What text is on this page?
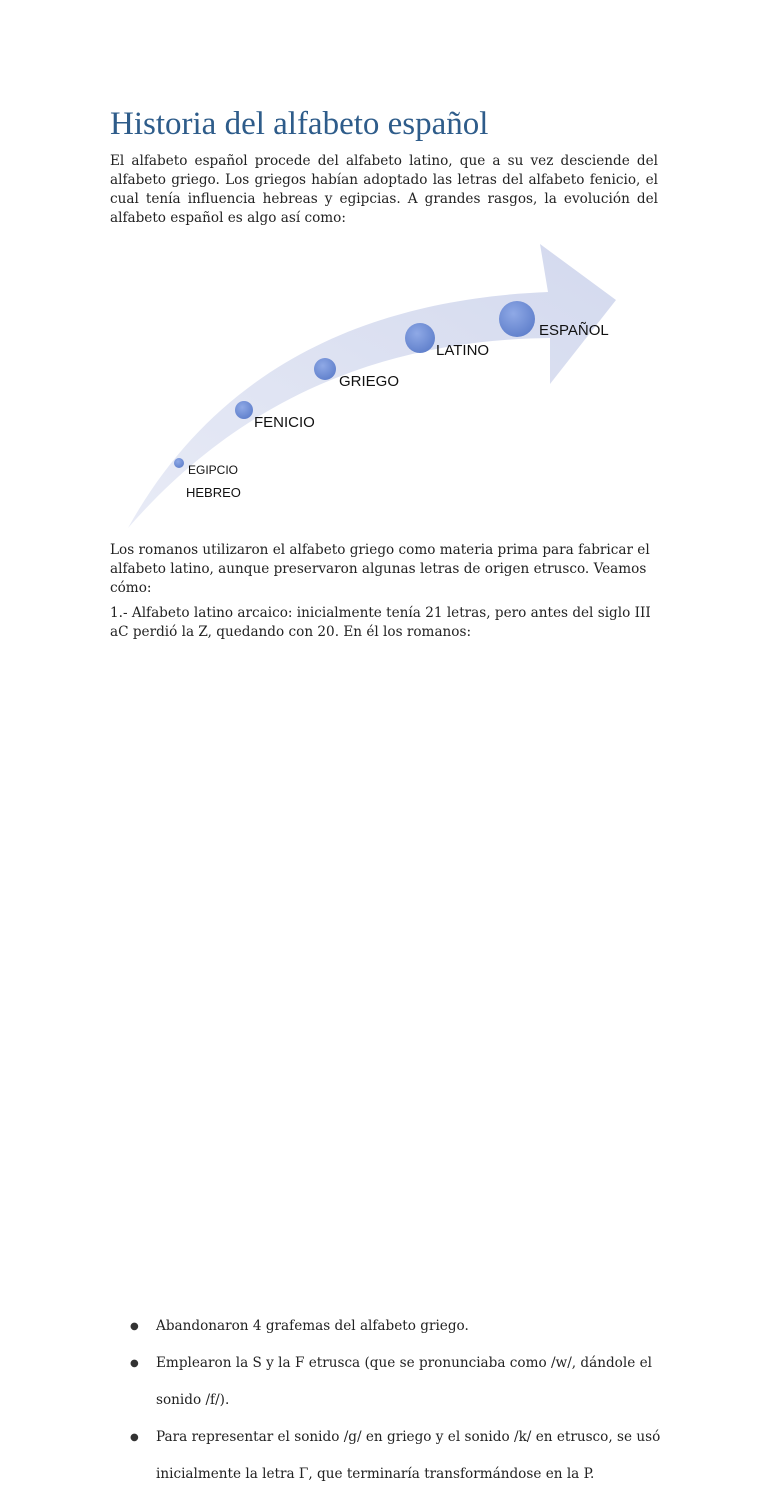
Historia del alfabeto español

El alfabeto español procede del alfabeto latino, que a su vez desciende del alfabeto griego. Los griegos habían adoptado las letras del alfabeto fenicio, el cual tenía influencia hebreas y egipcias. A grandes rasgos, la evolución del alfabeto español es algo así como:

EGIPCIO
HEBREO
FENICIO
GRIEGO
LATINO
ESPAÑOL

Los romanos utilizaron el alfabeto griego como materia prima para fabricar el alfabeto latino, aunque preservaron algunas letras de origen etrusco. Veamos cómo:

1.- Alfabeto latino arcaico: inicialmente tenía 21 letras, pero antes del siglo III aC perdió la Z, quedando con 20. En él los romanos:

●	Abandonaron 4 grafemas del alfabeto griego.
●	Emplearon la S y la F etrusca (que se pronunciaba como /w/, dándole el sonido /f/).
●	Para representar el sonido /g/ en griego y el sonido /k/ en etrusco, se usó inicialmente la letra Γ, que terminaría transformándose en la P.
